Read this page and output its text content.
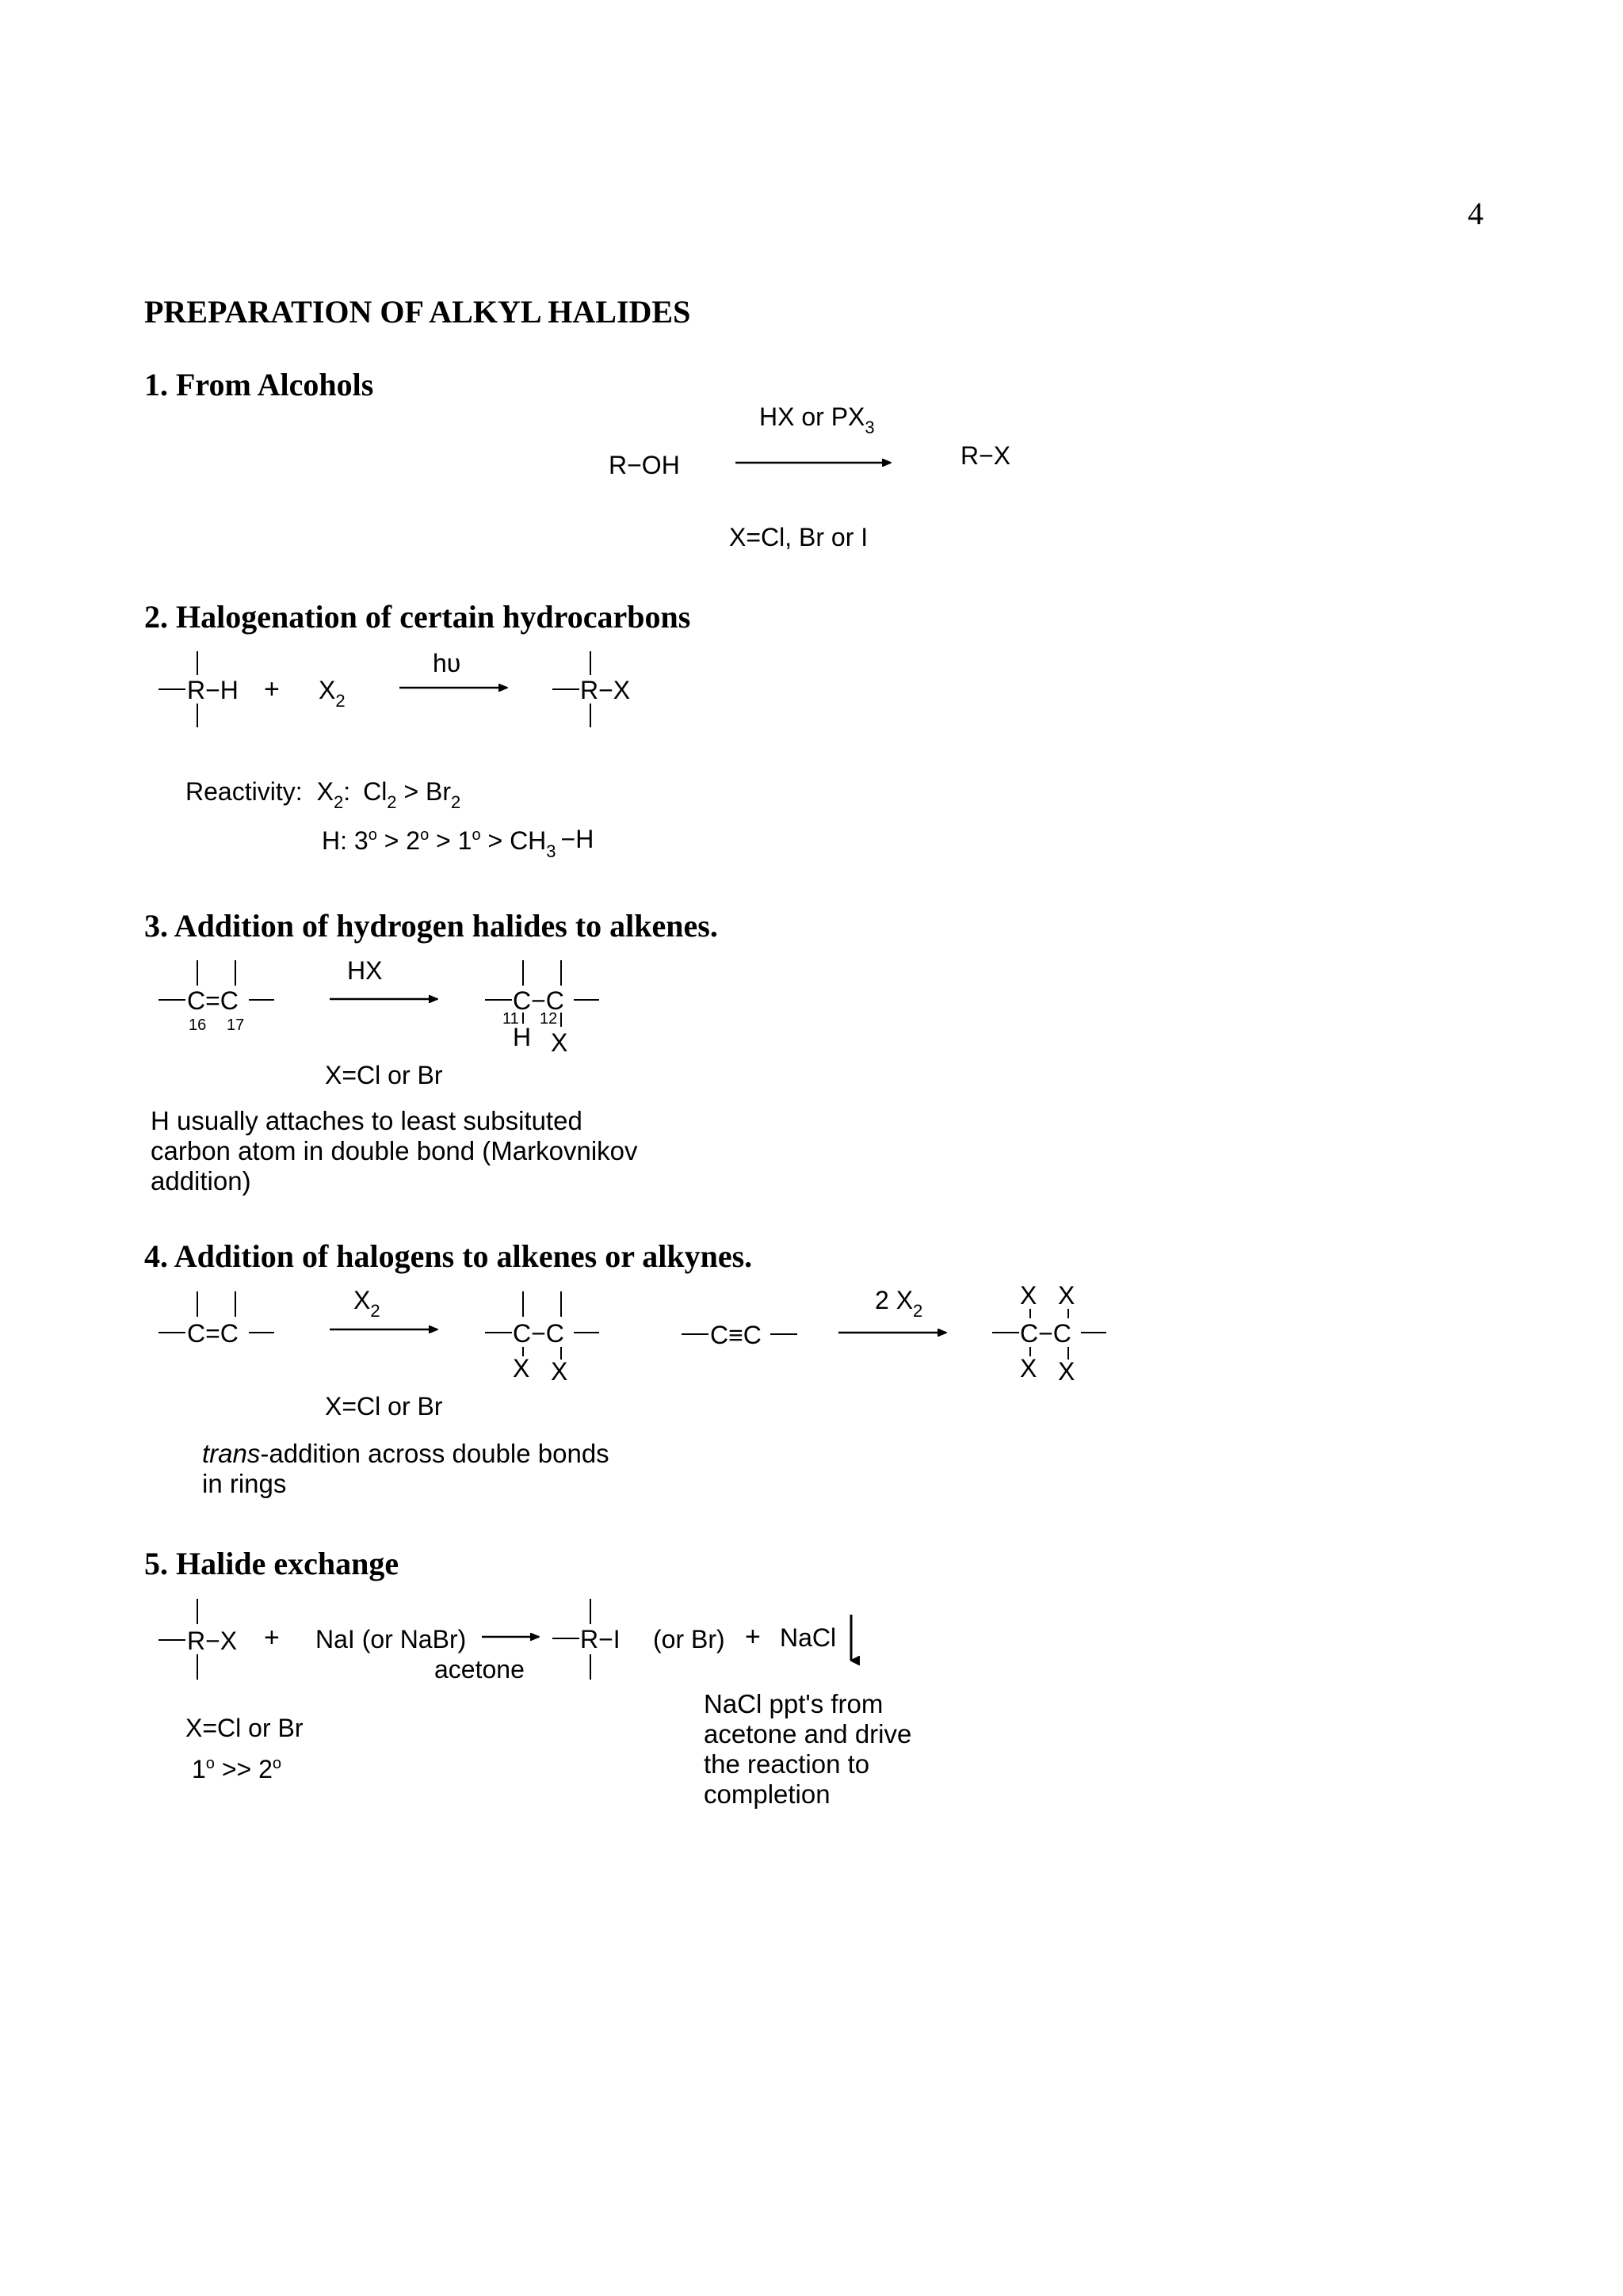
4
PREPARATION OF ALKYL HALIDES
1. From Alcohols
2. Halogenation of certain hydrocarbons
3. Addition of hydrogen halides to alkenes.
4. Addition of halogens to alkenes or alkynes.
5. Halide exchange
H usually attaches to least subsituted
carbon atom in double bond (Markovnikov
addition)
trans-addition across double bonds
in rings
NaCl ppt's from
acetone and drive
the reaction to
completion
R−OH
HX or $PX_3$
R−X
X=Cl, Br or I
$R-H + X_2$
hυ
R−X
Reactivity: $X_2$: $Cl_2 > Br_2$
H: $3^o > 2^o > 1^o > CH_3 -H$
C=C
16 17
HX
C−C
11 12
H X
X=Cl or Br
C=C
$X_2$
C−C
X X
C≡C
2 $X_2$
X X
C−C
X X
X=Cl or Br
R−X + NaI (or NaBr)
acetone
R−I (or Br) + NaCl
X=Cl or Br
$1^o >> 2^o$
